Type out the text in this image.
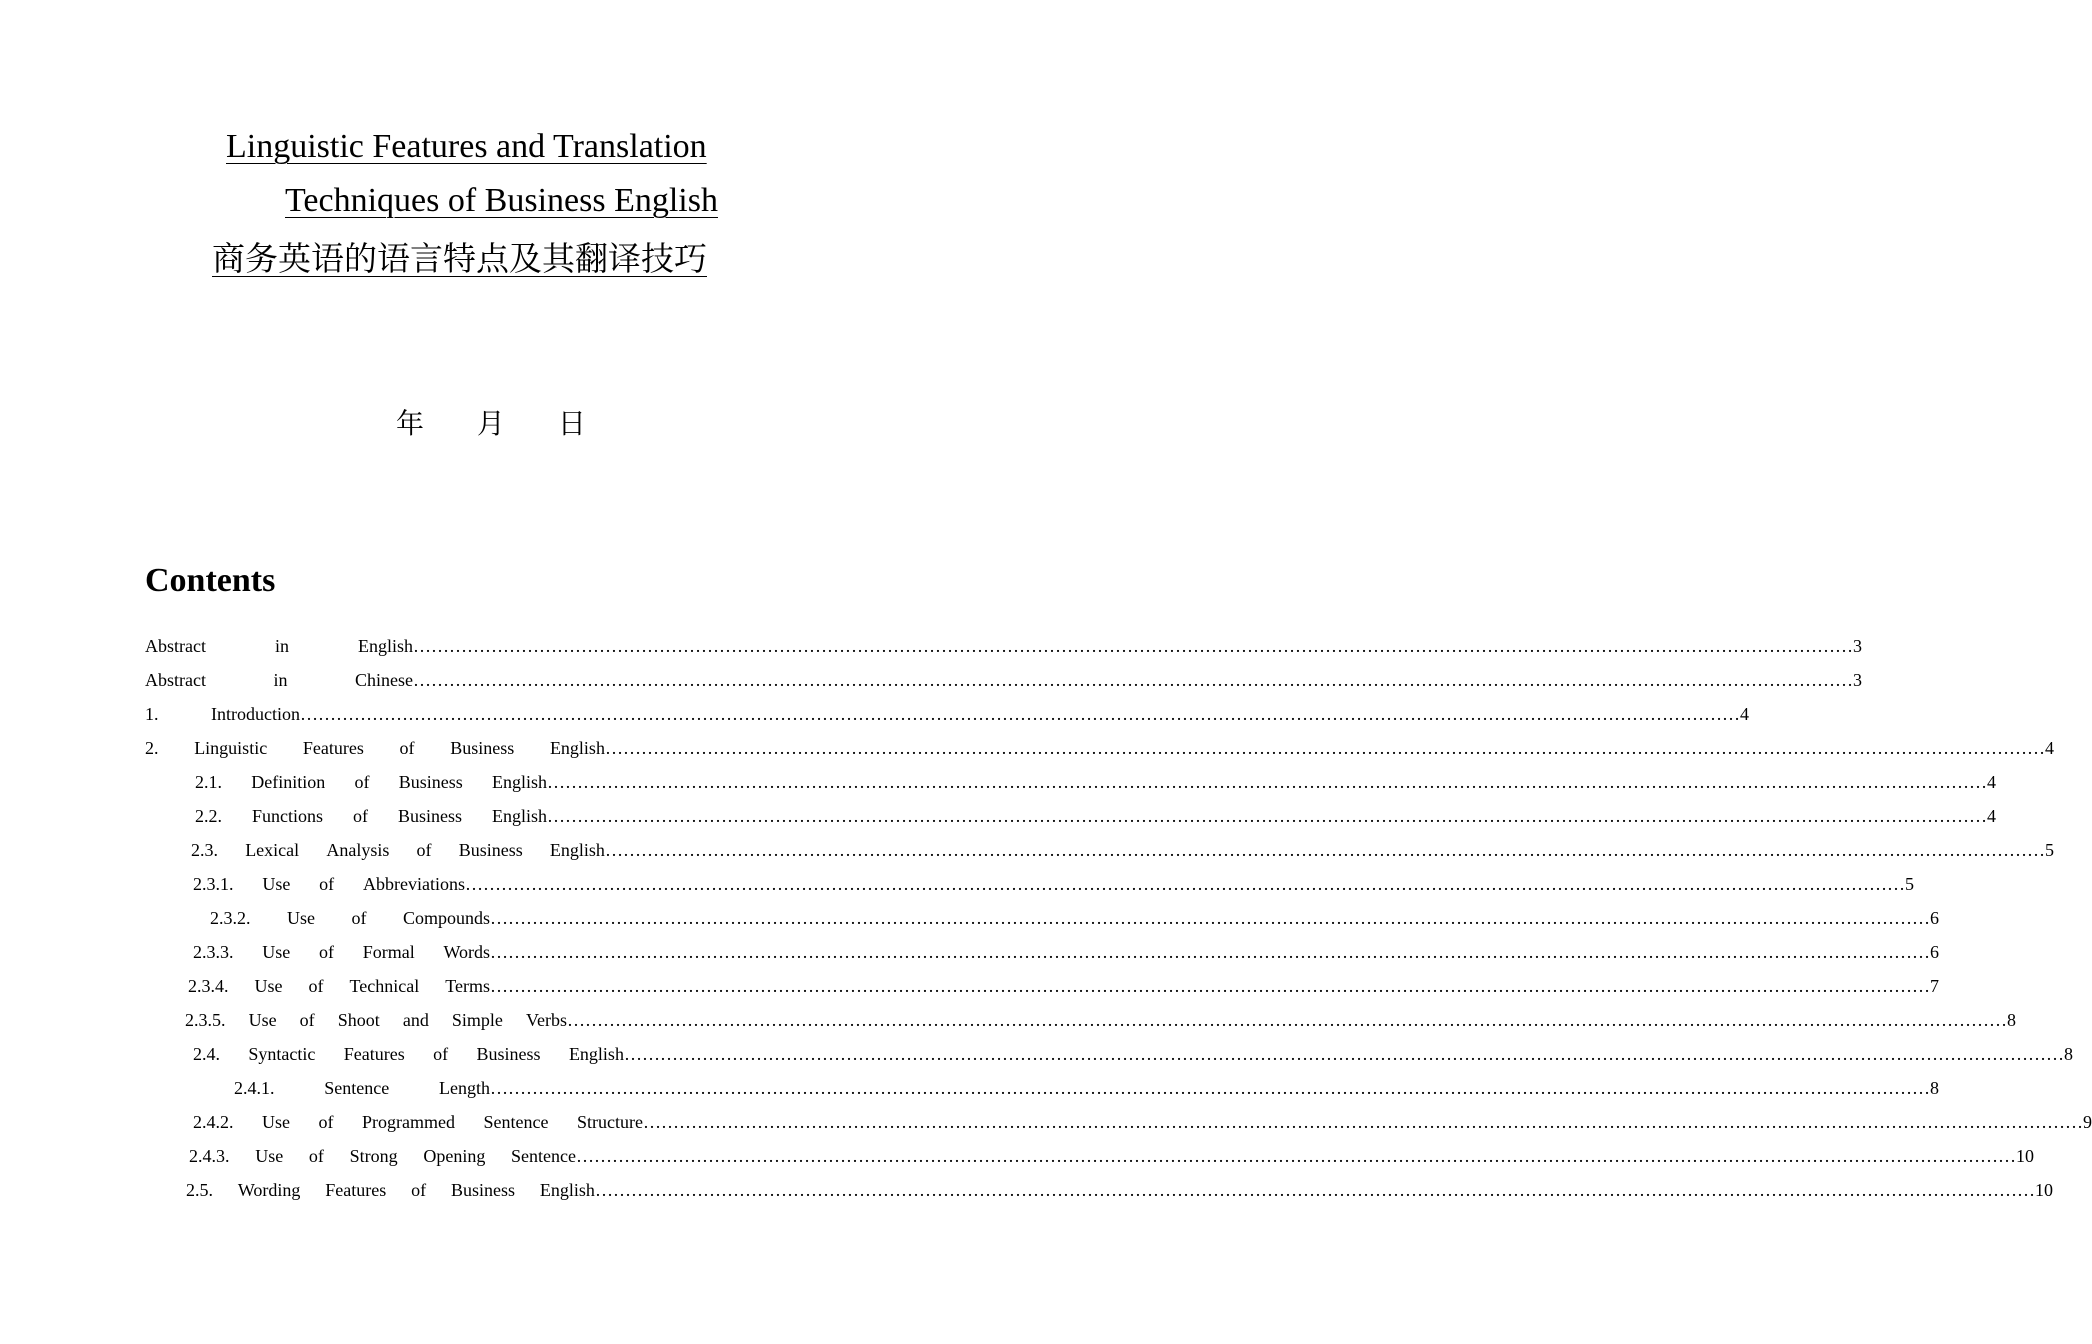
Linguistic Features and Translation
Techniques of Business English
商务英语的语言特点及其翻译技巧
年 月 日
Contents
Abstract	in	English …………………………………………………………………………………………………………………………………………………………………………………………………………………… 3
Abstract	in	Chinese …………………………………………………………………………………………………………………………………………………………………………………………………………………… 3
1.	Introduction …………………………………………………………………………………………………………………………………………………………………………………………………………………… 4
2. Linguistic Features of Business English …………………………………………………………………………………………………………………………………………………………………………………………………………………… 4
2.1. Definition of Business English …………………………………………………………………………………………………………………………………………………………………………………………………………………… 4
2.2. Functions of Business English …………………………………………………………………………………………………………………………………………………………………………………………………………………… 4
2.3. Lexical Analysis of Business English …………………………………………………………………………………………………………………………………………………………………………………………………………………… 5
2.3.1. Use of Abbreviations …………………………………………………………………………………………………………………………………………………………………………………………………………………… 5
2.3.2. Use of Compounds …………………………………………………………………………………………………………………………………………………………………………………………………………………… 6
2.3.3. Use of Formal Words …………………………………………………………………………………………………………………………………………………………………………………………………………………… 6
2.3.4. Use of Technical Terms …………………………………………………………………………………………………………………………………………………………………………………………………………………… 7
2.3.5. Use of Shoot and Simple Verbs …………………………………………………………………………………………………………………………………………………………………………………………………………………… 8
2.4. Syntactic Features of Business English …………………………………………………………………………………………………………………………………………………………………………………………………………………… 8
2.4.1.	Sentence	Length …………………………………………………………………………………………………………………………………………………………………………………………………………………… 8
2.4.2. Use of Programmed Sentence Structure …………………………………………………………………………………………………………………………………………………………………………………………………………………… 9
2.4.3. Use of Strong Opening Sentence …………………………………………………………………………………………………………………………………………………………………………………………………………………… 10
2.5. Wording Features of Business English …………………………………………………………………………………………………………………………………………………………………………………………………………………… 10
